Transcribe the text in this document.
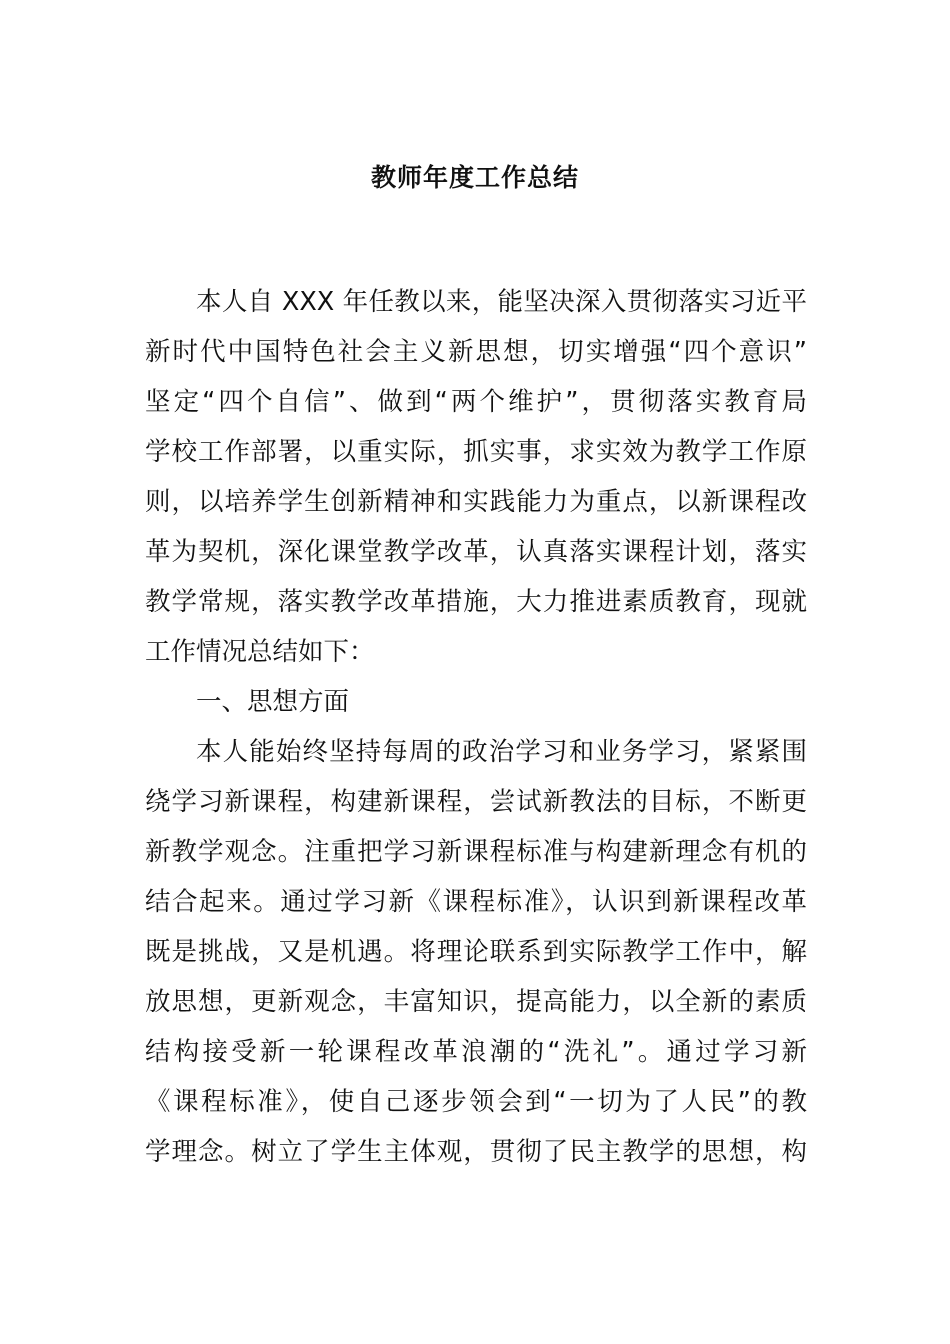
教师年度工作总结
本人自 XXX 年任教以来，能坚决深入贯彻落实习近平
新时代中国特色社会主义新思想，切实增强“四个意识”
坚定“四个自信”、做到“两个维护”，贯彻落实教育局
学校工作部署，以重实际，抓实事，求实效为教学工作原
则，以培养学生创新精神和实践能力为重点，以新课程改
革为契机，深化课堂教学改革，认真落实课程计划，落实
教学常规，落实教学改革措施，大力推进素质教育，现就
工作情况总结如下：
一、思想方面
本人能始终坚持每周的政治学习和业务学习，紧紧围
绕学习新课程，构建新课程，尝试新教法的目标，不断更
新教学观念。注重把学习新课程标准与构建新理念有机的
结合起来。通过学习新《课程标准》，认识到新课程改革
既是挑战，又是机遇。将理论联系到实际教学工作中，解
放思想，更新观念，丰富知识，提高能力，以全新的素质
结构接受新一轮课程改革浪潮的“洗礼”。通过学习新
《课程标准》，使自己逐步领会到“一切为了人民”的教
学理念。树立了学生主体观，贯彻了民主教学的思想，构
